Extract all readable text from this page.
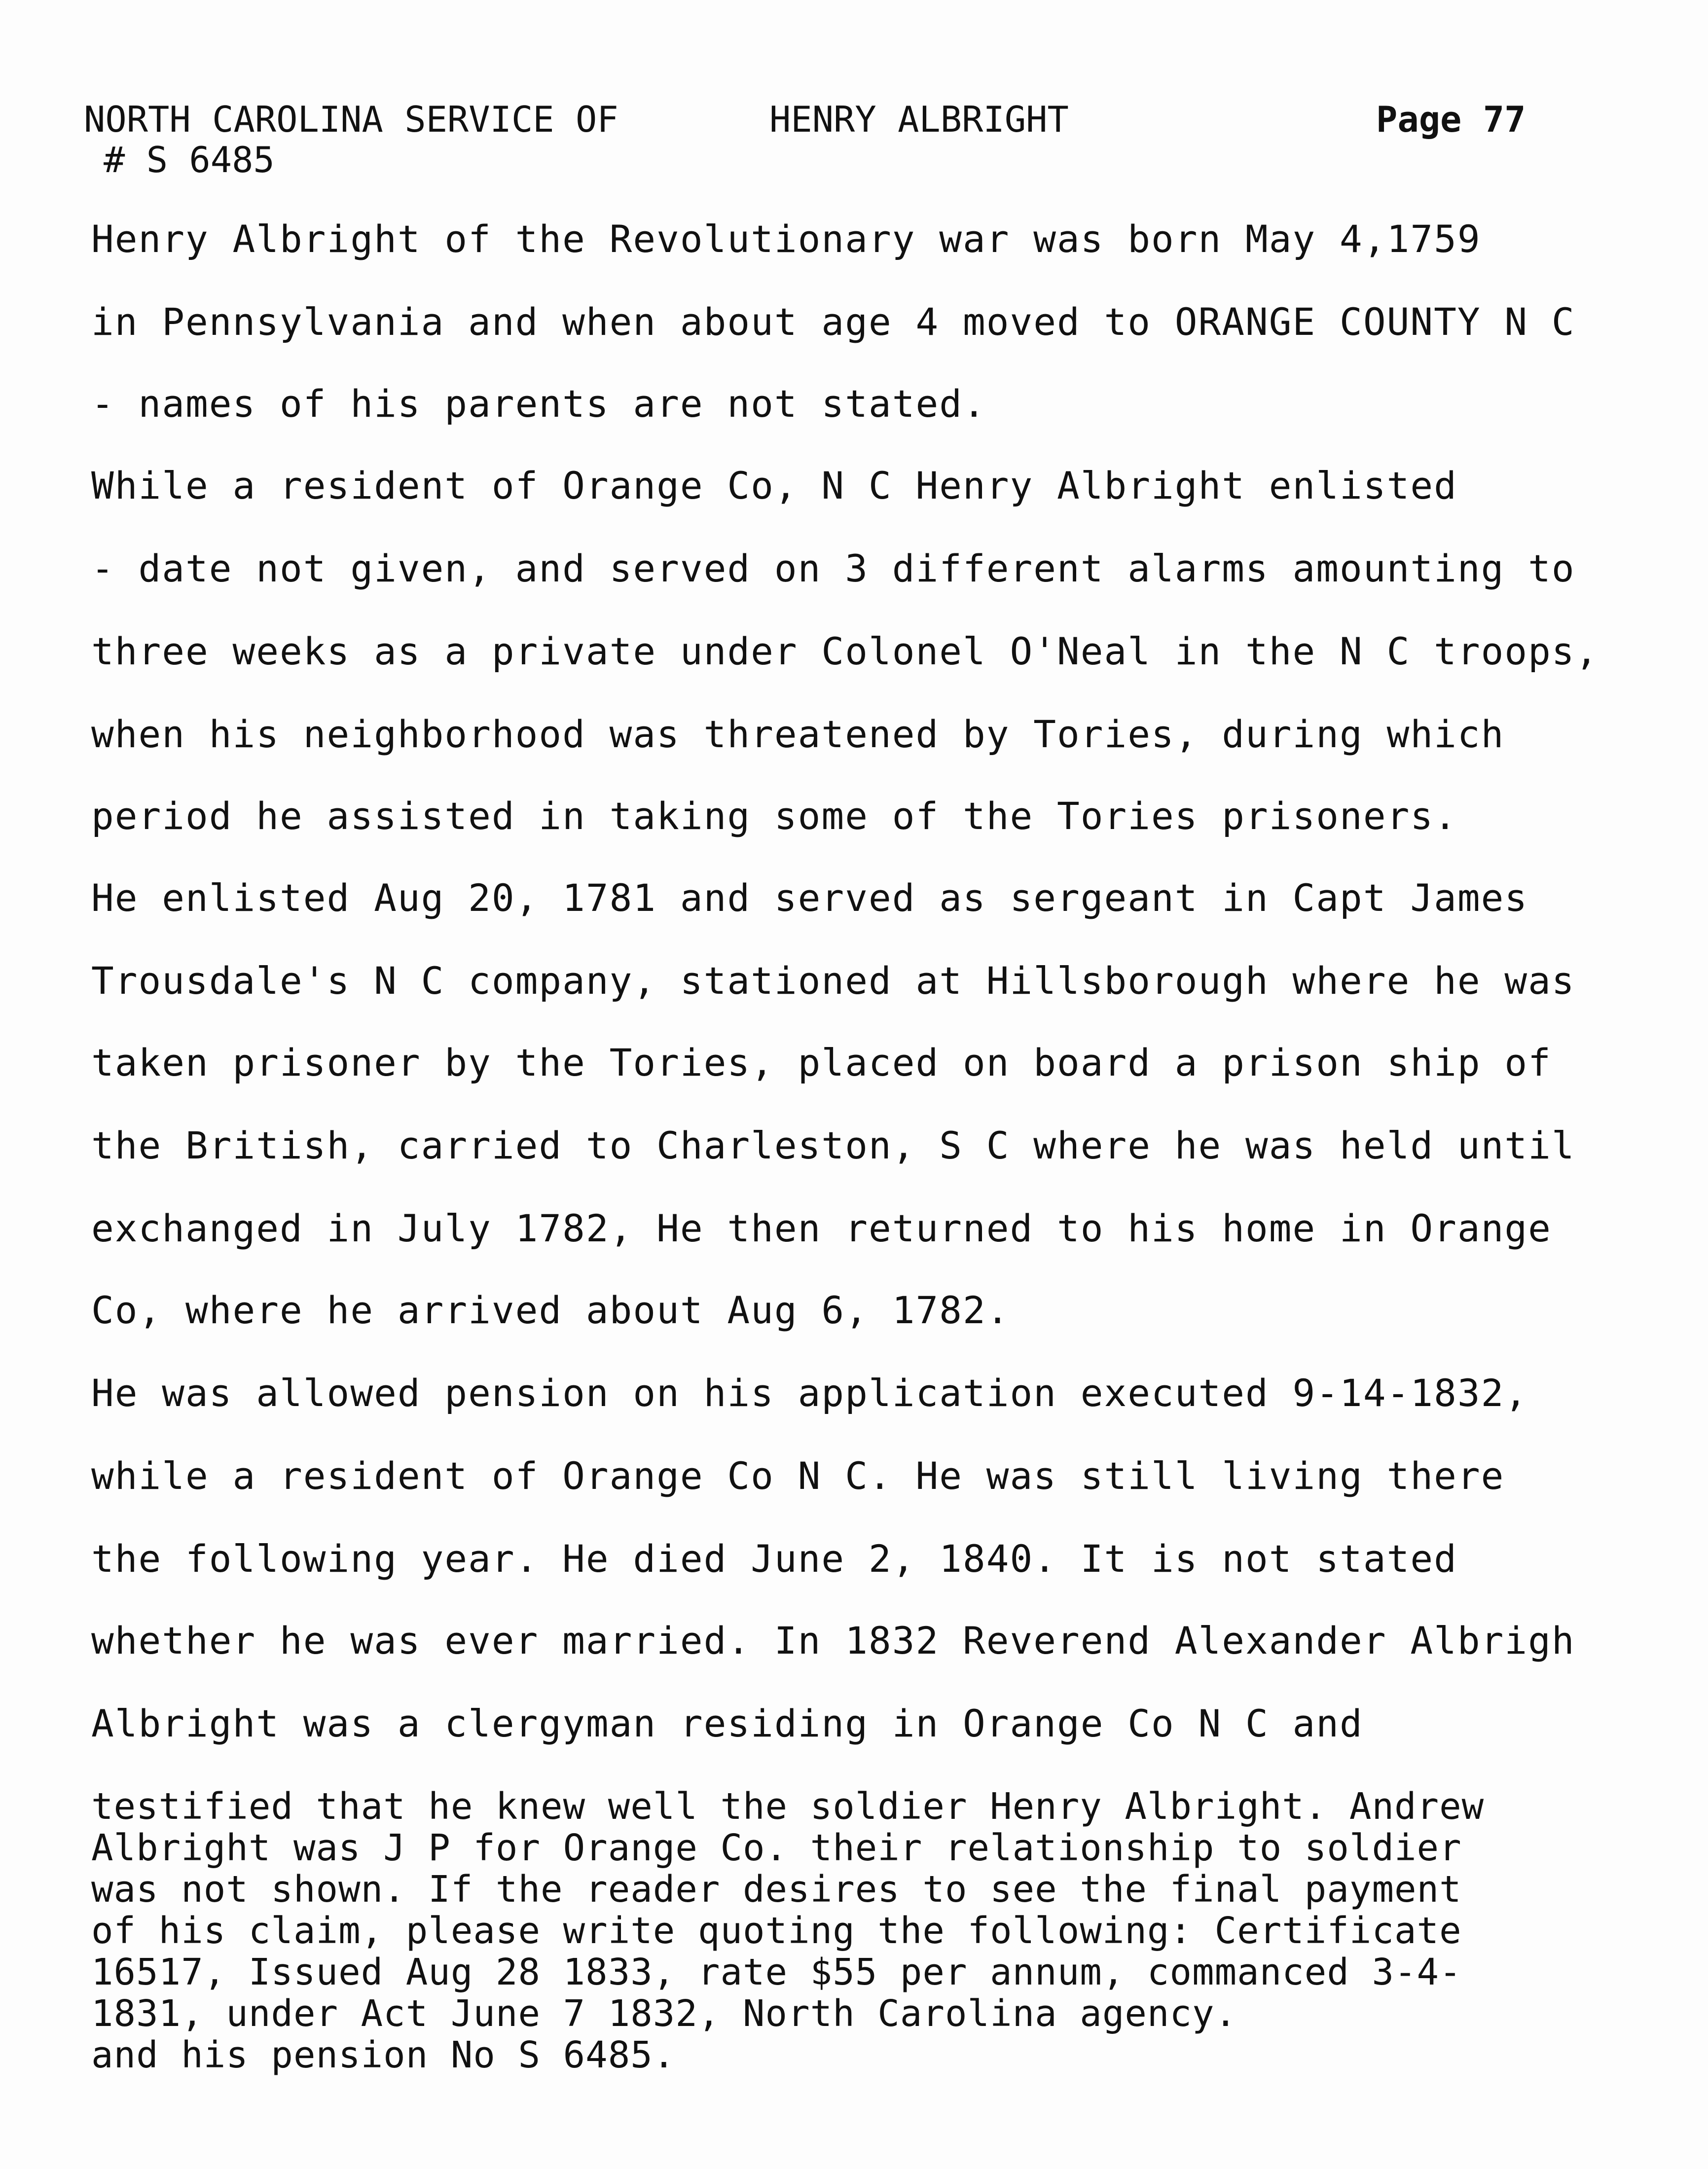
NORTH CAROLINA SERVICE OF	HENRY ALBRIGHT	Page 77
# S 6485
Henry Albright of the Revolutionary war was born May 4,1759
in Pennsylvania and when about age 4 moved to ORANGE COUNTY N C
- names of his parents are not stated.
While a resident of Orange Co, N C Henry Albright enlisted
- date not given, and served on 3 different alarms amounting to
three weeks as a private under Colonel O'Neal in the N C troops,
when his neighborhood was threatened by Tories, during which
period he assisted in taking some of the Tories prisoners.
He enlisted Aug 20, 1781 and served as sergeant in Capt James
Trousdale's N C company, stationed at Hillsborough where he was
taken prisoner by the Tories, placed on board a prison ship of
the British, carried to Charleston, S C where he was held until
exchanged in July 1782, He then returned to his home in Orange
Co, where he arrived about Aug 6, 1782.
He was allowed pension on his application executed 9-14-1832,
while a resident of Orange Co N C. He was still living there
the following year. He died June 2, 1840. It is not stated
whether he was ever married. In 1832 Reverend Alexander Albrigh
Albright was a clergyman residing in Orange Co N C and
testified that he knew well the soldier Henry Albright. Andrew
Albright was J P for Orange Co. their relationship to soldier
was not shown. If the reader desires to see the final payment
of his claim, please write quoting the following: Certificate
16517, Issued Aug 28 1833, rate $55 per annum, commanced 3-4-
1831, under Act June 7 1832, North Carolina agency.
and his pension No S 6485.
